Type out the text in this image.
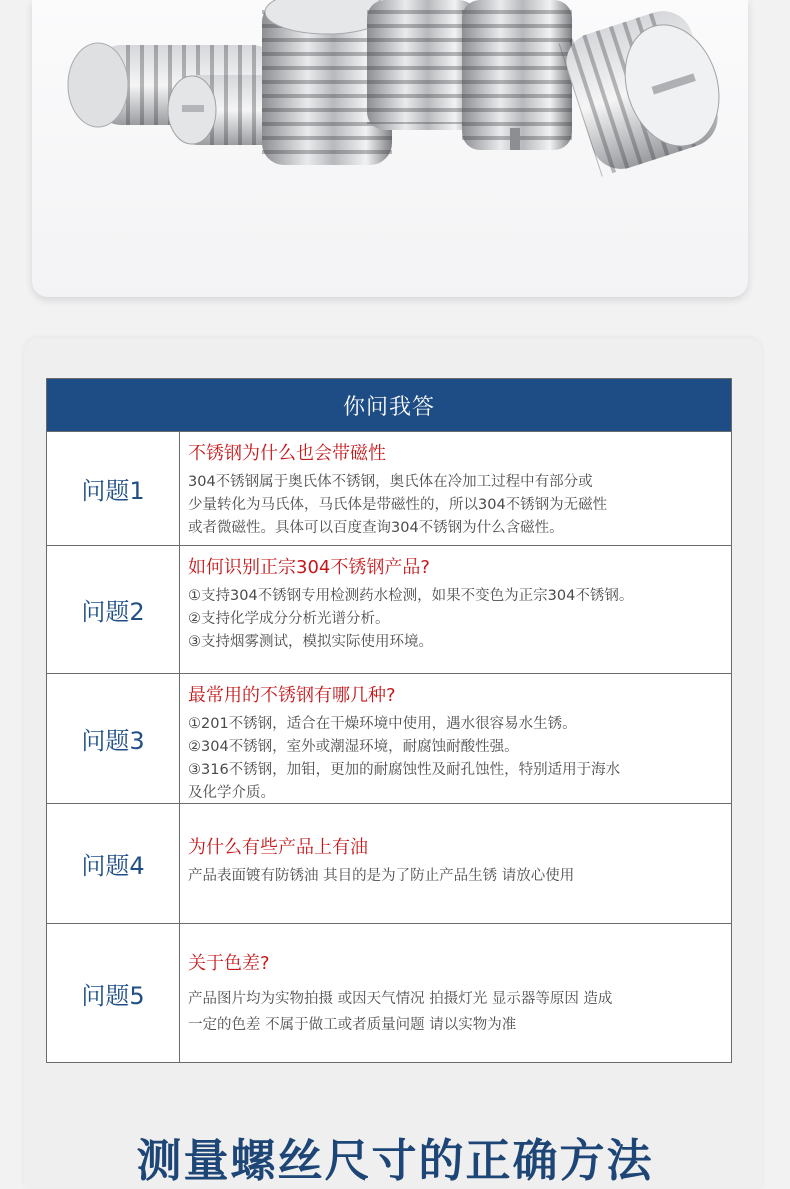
你问我答
问题1
不锈钢为什么也会带磁性
304不锈钢属于奥氏体不锈钢，奥氏体在冷加工过程中有部分或
少量转化为马氏体，马氏体是带磁性的，所以304不锈钢为无磁性
或者微磁性。具体可以百度查询304不锈钢为什么含磁性。
问题2
如何识别正宗304不锈钢产品?
①支持304不锈钢专用检测药水检测，如果不变色为正宗304不锈钢。
②支持化学成分分析光谱分析。
③支持烟雾测试，模拟实际使用环境。
问题3
最常用的不锈钢有哪几种?
①201不锈钢，适合在干燥环境中使用，遇水很容易水生锈。
②304不锈钢，室外或潮湿环境，耐腐蚀耐酸性强。
③316不锈钢，加钼，更加的耐腐蚀性及耐孔蚀性，特别适用于海水
及化学介质。
问题4
为什么有些产品上有油
产品表面镀有防锈油 其目的是为了防止产品生锈 请放心使用
问题5
关于色差?
产品图片均为实物拍摄 或因天气情况 拍摄灯光 显示器等原因 造成
一定的色差 不属于做工或者质量问题 请以实物为准
测量螺丝尺寸的正确方法
